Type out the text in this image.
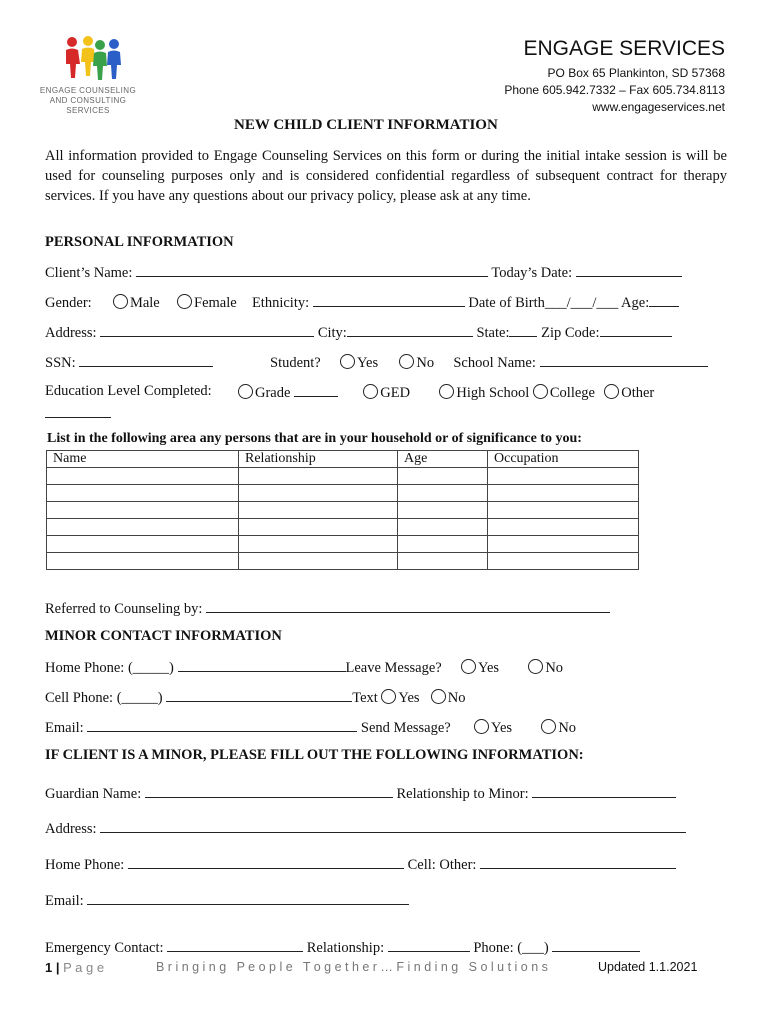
ENGAGE COUNSELING
AND CONSULTING
SERVICES
ENGAGE SERVICES
PO Box 65 Plankinton, SD 57368
Phone 605.942.7332 – Fax 605.734.8113
www.engageservices.net
NEW CHILD CLIENT INFORMATION
All information provided to Engage Counseling Services on this form or during the initial intake session is will be used for counseling purposes only and is considered confidential regardless of subsequent contract for therapy services. If you have any questions about our privacy policy, please ask at any time.
PERSONAL INFORMATION
Client’s Name:	Today’s Date:
Gender:	Male Female Ethnicity:	Date of Birth___/___/___ Age:
Address:	City:	State: Zip Code:
SSN:	Student?	Yes	No School Name:
Education Level Completed:	Grade	GED	High School College Other
List in the following area any persons that are in your household or of significance to you:
Name	Relationship	Age	Occupation

Referred to Counseling by:
MINOR CONTACT INFORMATION
Home Phone: (_____)	Leave Message?	Yes	No
Cell Phone: (_____)	Text Yes No
Email:	Send Message?	Yes	No
IF CLIENT IS A MINOR, PLEASE FILL OUT THE FOLLOWING INFORMATION:
Guardian Name:	Relationship to Minor:
Address:
Home Phone:	Cell: Other:
Email:
Emergency Contact:	Relationship:	Phone: (___)
1 | P a g e	B r i n g i n g   P e o p l e   T o g e t h e r … F i n d i n g   S o l u t i o n s	Updated 1.1.2021
